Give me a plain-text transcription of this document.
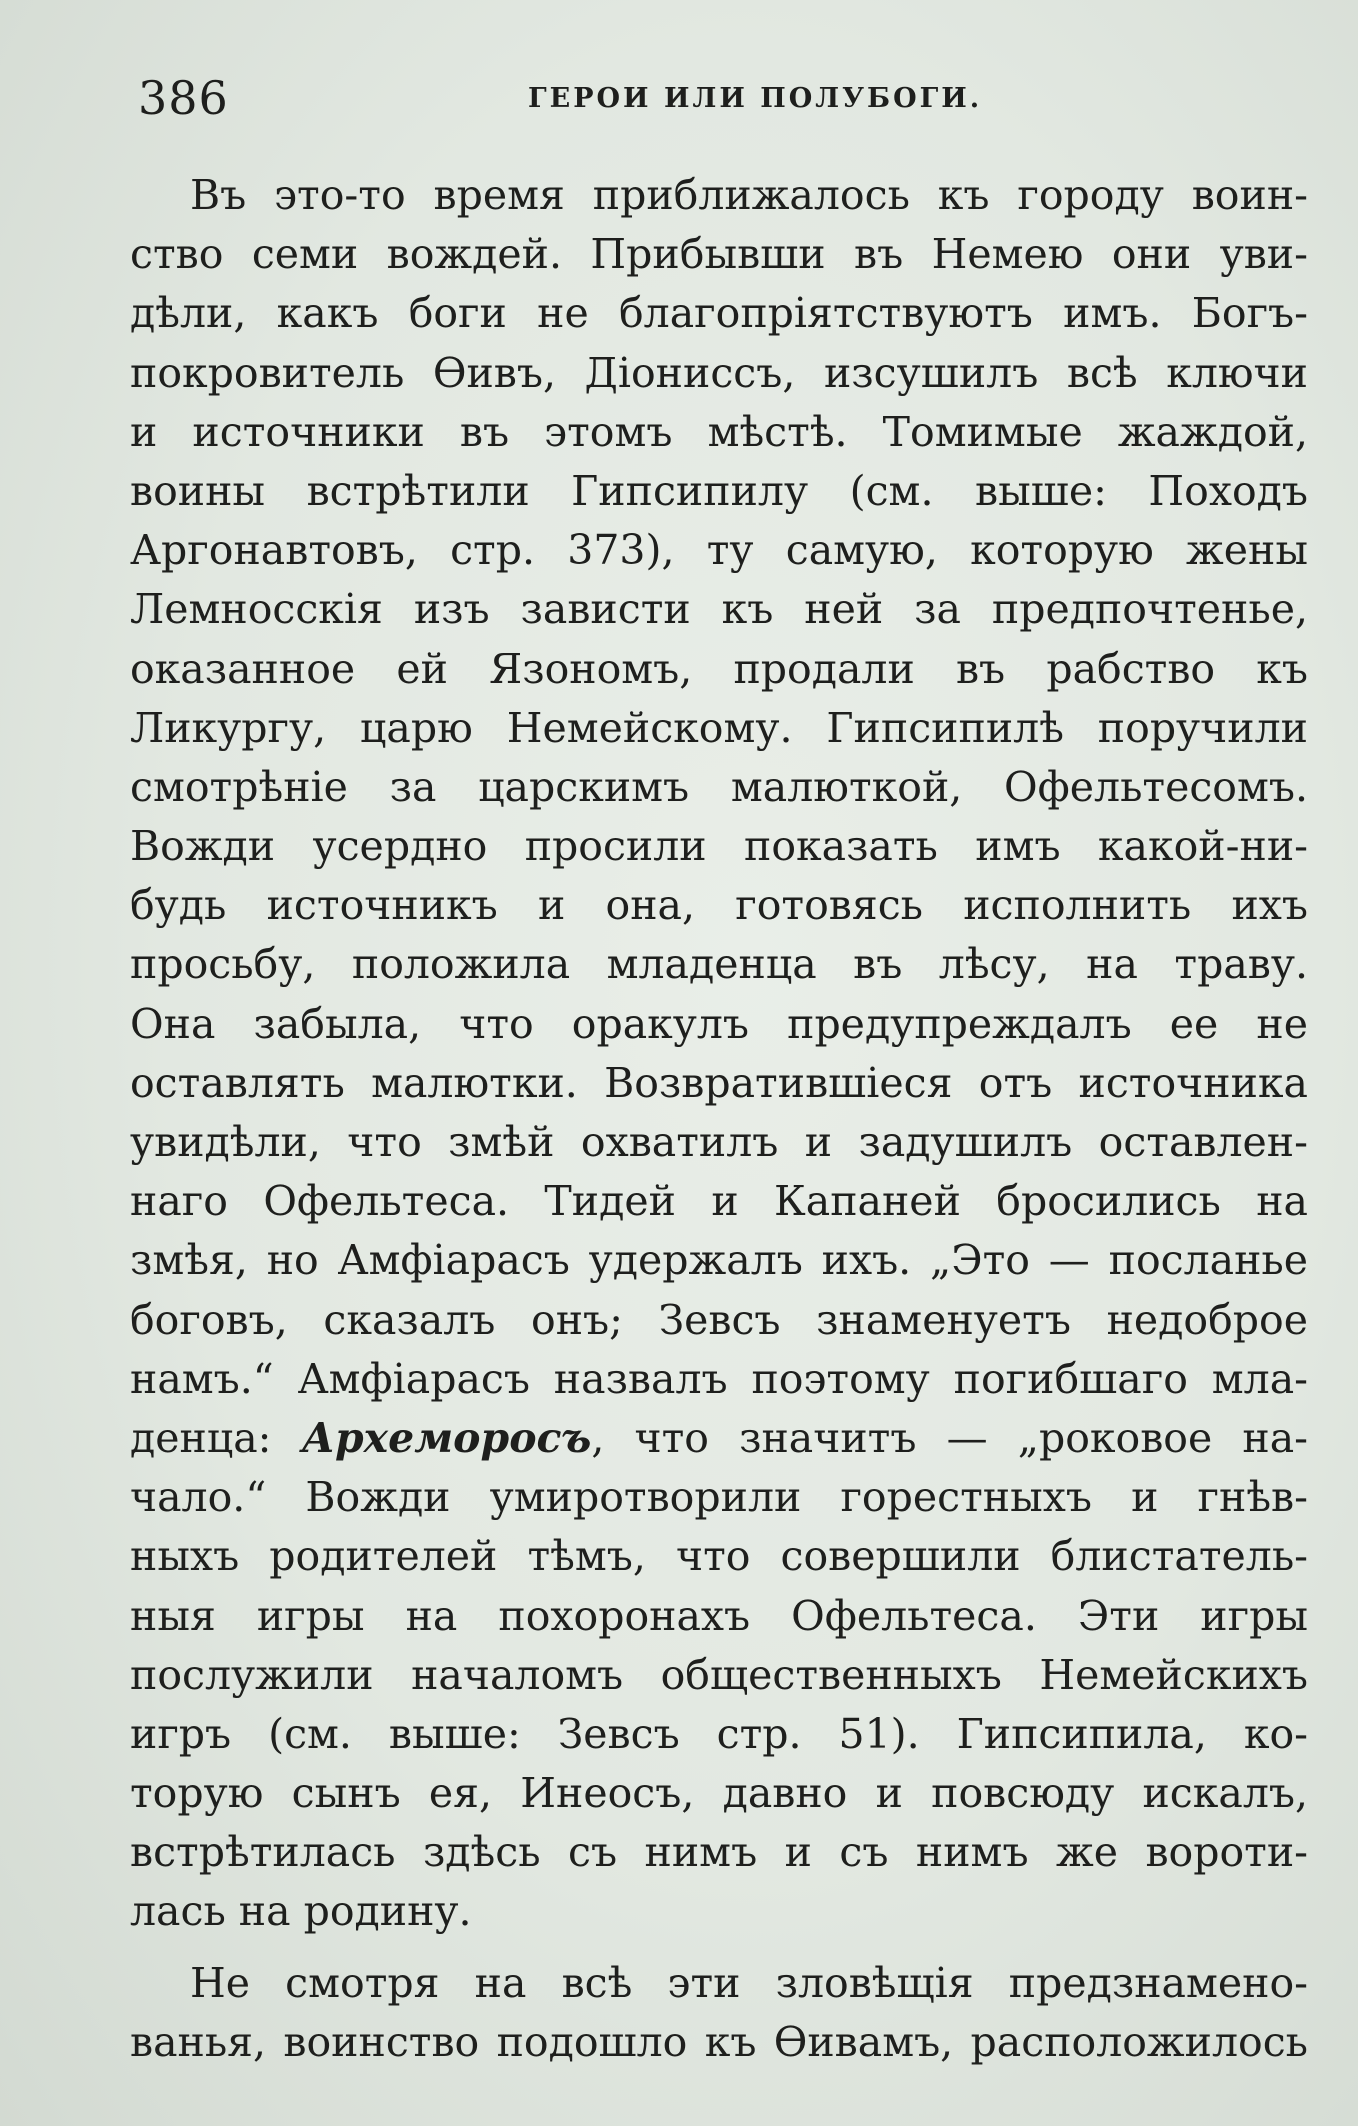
386	ГЕРОИ ИЛИ ПОЛУБОГИ.
Въ это-то время приближалось къ городу воин-
ство семи вождей. Прибывши въ Немею они уви-
дѣли, какъ боги не благопріятствуютъ имъ. Богъ-
покровитель Өивъ, Діониссъ, изсушилъ всѣ ключи
и источники въ этомъ мѣстѣ. Томимые жаждой,
воины встрѣтили Гипсипилу (см. выше: Походъ
Аргонавтовъ, стр. 373), ту самую, которую жены
Лемносскія изъ зависти къ ней за предпочтенье,
оказанное ей Язономъ, продали въ рабство къ
Ликургу, царю Немейскому. Гипсипилѣ поручили
смотрѣніе за царскимъ малюткой, Офельтесомъ.
Вожди усердно просили показать имъ какой-ни-
будь источникъ и она, готовясь исполнить ихъ
просьбу, положила младенца въ лѣсу, на траву.
Она забыла, что оракулъ предупреждалъ ее не
оставлять малютки. Возвратившіеся отъ источника
увидѣли, что змѣй охватилъ и задушилъ оставлен-
наго Офельтеса. Тидей и Капаней бросились на
змѣя, но Амфіарасъ удержалъ ихъ. „Это — посланье
боговъ, сказалъ онъ; Зевсъ знаменуетъ недоброе
намъ.“ Амфіарасъ назвалъ поэтому погибшаго мла-
денца: Археморосъ, что значитъ — „роковое на-
чало.“ Вожди умиротворили горестныхъ и гнѣв-
ныхъ родителей тѣмъ, что совершили блистатель-
ныя игры на похоронахъ Офельтеса. Эти игры
послужили началомъ общественныхъ Немейскихъ
игръ (см. выше: Зевсъ стр. 51). Гипсипила, ко-
торую сынъ ея, Инеосъ, давно и повсюду искалъ,
встрѣтилась здѣсь съ нимъ и съ нимъ же вороти-
лась на родину.
Не смотря на всѣ эти зловѣщія предзнамено-
ванья, воинство подошло къ Өивамъ, расположилось
